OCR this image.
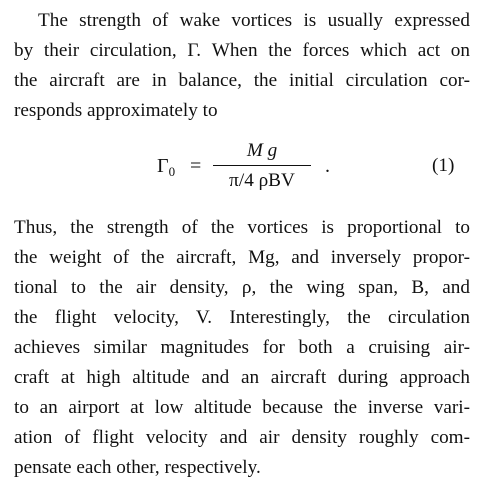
The strength of wake vortices is usually expressed
by their circulation, Γ. When the forces which act on
the aircraft are in balance, the initial circulation cor-
responds approximately to
$\Gamma_0$ =
M g
π/4 ρBV
.	(1)
Thus, the strength of the vortices is proportional to
the weight of the aircraft, Mg, and inversely propor-
tional to the air density, ρ, the wing span, B, and
the flight velocity, V. Interestingly, the circulation
achieves similar magnitudes for both a cruising air-
craft at high altitude and an aircraft during approach
to an airport at low altitude because the inverse vari-
ation of flight velocity and air density roughly com-
pensate each other, respectively.
